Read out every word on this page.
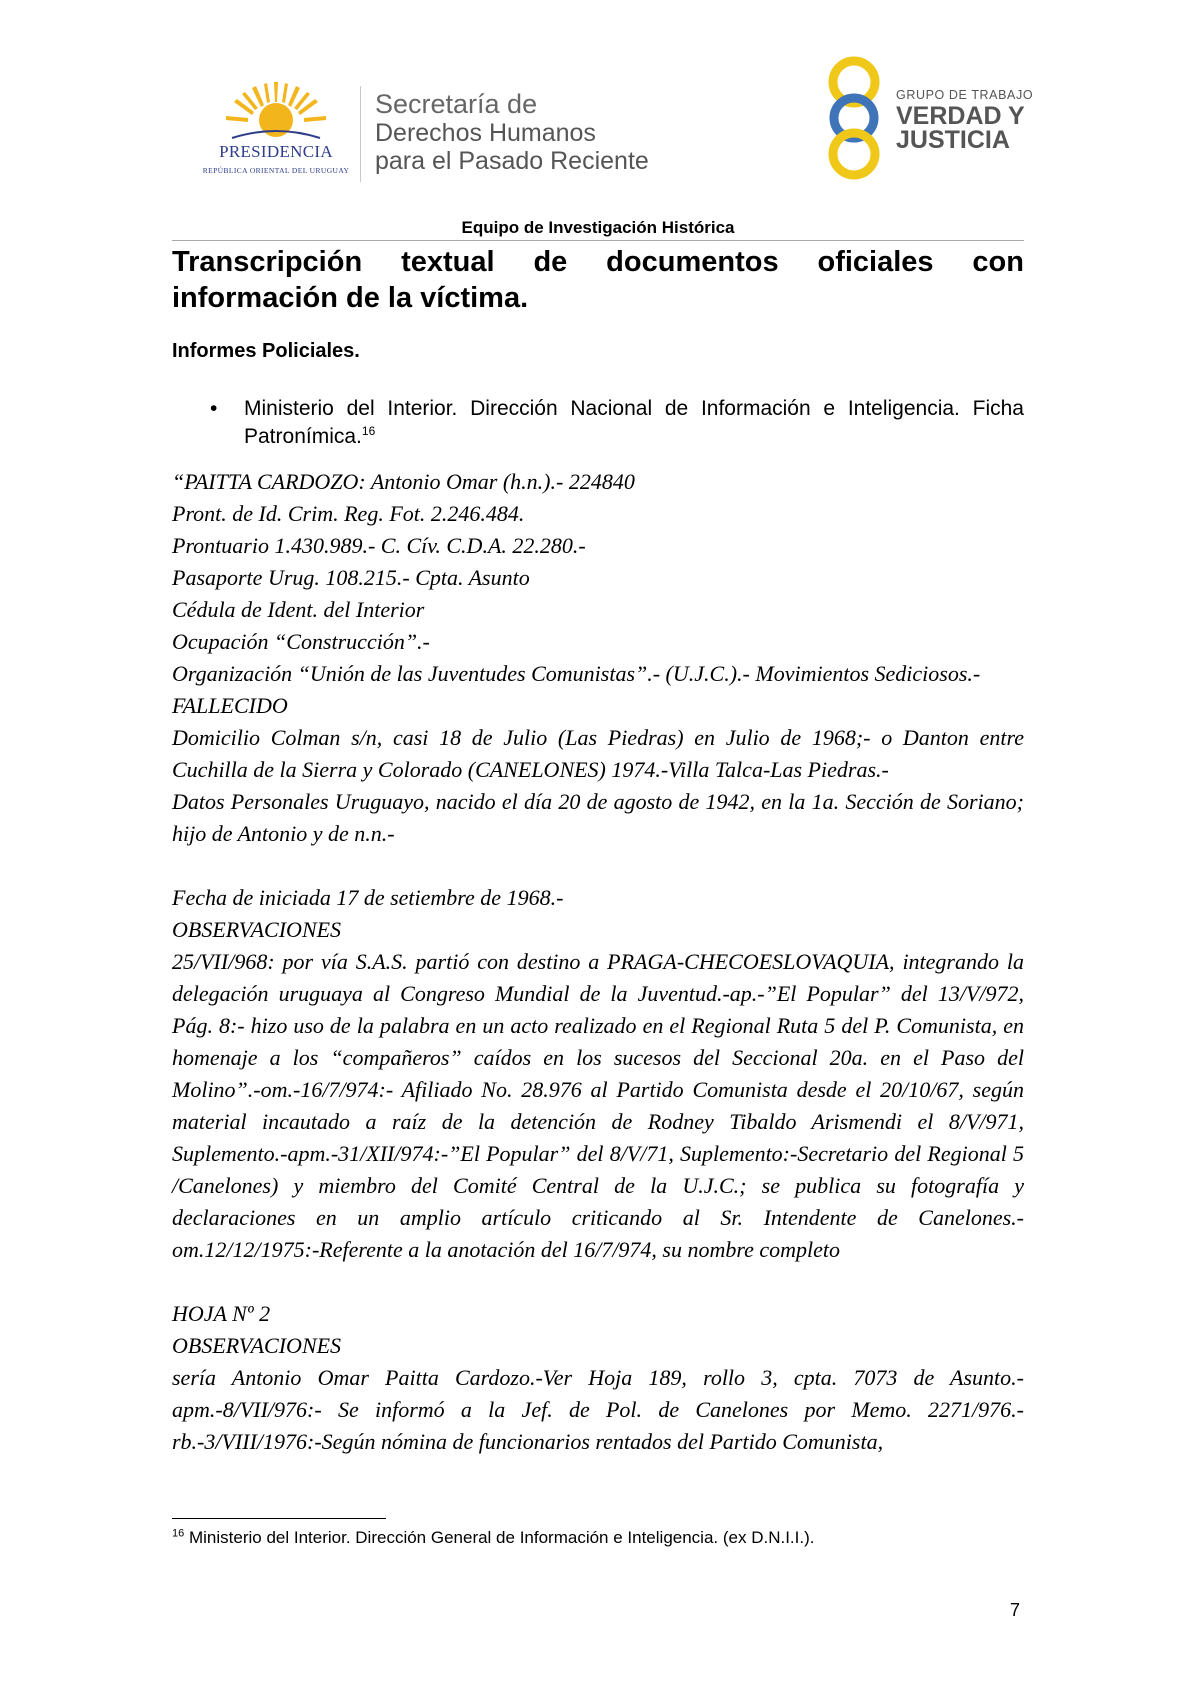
PRESIDENCIA
REPÚBLICA ORIENTAL DEL URUGUAY
Secretaría de
Derechos Humanos
para el Pasado Reciente
GRUPO DE TRABAJO
VERDAD Y
JUSTICIA
Equipo de Investigación Histórica
Transcripción textual de documentos oficiales con información de la víctima.
Informes Policiales.
• Ministerio del Interior. Dirección Nacional de Información e Inteligencia. Ficha Patronímica.$^{16}$

“PAITTA CARDOZO: Antonio Omar (h.n.).- 224840

Pront. de Id. Crim. Reg. Fot. 2.246.484.

Prontuario 1.430.989.- C. Cív. C.D.A. 22.280.-

Pasaporte Urug. 108.215.- Cpta. Asunto

Cédula de Ident. del Interior

Ocupación “Construcción”.-

Organización “Unión de las Juventudes Comunistas”.- (U.J.C.).- Movimientos Sediciosos.-

FALLECIDO

Domicilio Colman s/n, casi 18 de Julio (Las Piedras) en Julio de 1968;- o Danton entre Cuchilla de la Sierra y Colorado (CANELONES) 1974.-Villa Talca-Las Piedras.-

Datos Personales Uruguayo, nacido el día 20 de agosto de 1942, en la 1a. Sección de Soriano; hijo de Antonio y de n.n.-

Fecha de iniciada 17 de setiembre de 1968.-

OBSERVACIONES

25/VII/968: por vía S.A.S. partió con destino a PRAGA-CHECOESLOVAQUIA, integrando la delegación uruguaya al Congreso Mundial de la Juventud.-ap.-”El Popular” del 13/V/972, Pág. 8:- hizo uso de la palabra en un acto realizado en el Regional Ruta 5 del P. Comunista, en homenaje a los “compañeros” caídos en los sucesos del Seccional 20a. en el Paso del Molino”.-om.-16/7/974:- Afiliado No. 28.976 al Partido Comunista desde el 20/10/67, según material incautado a raíz de la detención de Rodney Tibaldo Arismendi el 8/V/971, Suplemento.-apm.-31/XII/974:-”El Popular” del 8/V/71, Suplemento:-Secretario del Regional 5 /Canelones) y miembro del Comité Central de la U.J.C.; se publica su fotografía y declaraciones en un amplio artículo criticando al Sr. Intendente de Canelones.- om.12/12/1975:-Referente a la anotación del 16/7/974, su nombre completo

HOJA Nº 2

OBSERVACIONES

sería Antonio Omar Paitta Cardozo.-Ver Hoja 189, rollo 3, cpta. 7073 de Asunto.-apm.-8/VII/976:- Se informó a la Jef. de Pol. de Canelones por Memo. 2271/976.-rb.-3/VIII/1976:-Según nómina de funcionarios rentados del Partido Comunista,

$^{16}$ Ministerio del Interior. Dirección General de Información e Inteligencia. (ex D.N.I.I.).
7
